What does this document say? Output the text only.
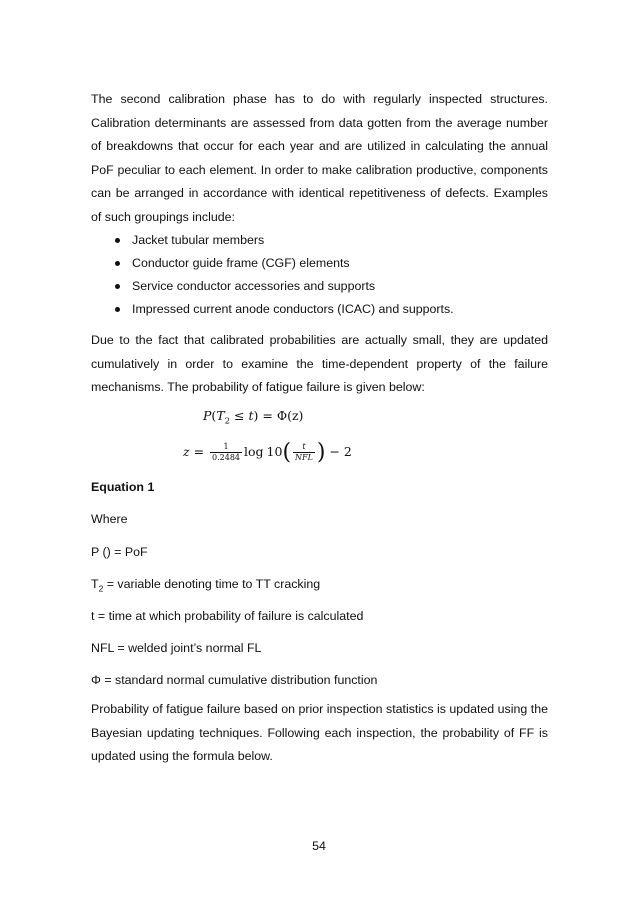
The second calibration phase has to do with regularly inspected structures. Calibration determinants are assessed from data gotten from the average number of breakdowns that occur for each year and are utilized in calculating the annual PoF peculiar to each element. In order to make calibration productive, components can be arranged in accordance with identical repetitiveness of defects. Examples of such groupings include:

Jacket tubular members
Conductor guide frame (CGF) elements
Service conductor accessories and supports
Impressed current anode conductors (ICAC) and supports.

Due to the fact that calibrated probabilities are actually small, they are updated cumulatively in order to examine the time-dependent property of the failure mechanisms. The probability of fatigue failure is given below:

$P(T_2 \le t) = \Phi(z)$
$z = \frac{1}{0.2484}$ $\log 10( \frac{t}{\text{NFL}}$ ) − 2

Equation 1

Where

P () = PoF

$T_2$ = variable denoting time to TT cracking

t = time at which probability of failure is calculated

NFL = welded joint’s normal FL

Φ = standard normal cumulative distribution function

Probability of fatigue failure based on prior inspection statistics is updated using the Bayesian updating techniques. Following each inspection, the probability of FF is updated using the formula below.

54
